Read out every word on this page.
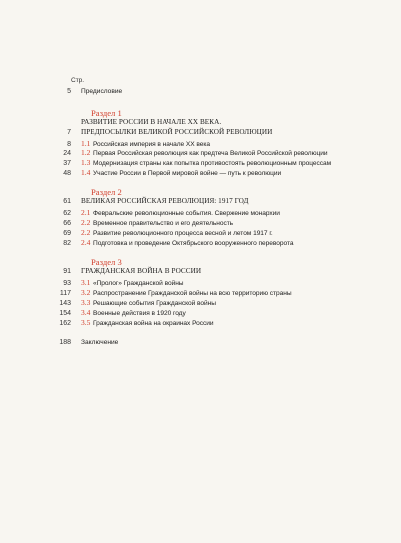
Стр.
5	Предисловие
Раздел 1
РАЗВИТИЕ РОССИИ В НАЧАЛЕ XX ВЕКА.
7	ПРЕДПОСЫЛКИ ВЕЛИКОЙ РОССИЙСКОЙ РЕВОЛЮЦИИ
8	1.1 Российская империя в начале XX века
24	1.2 Первая Российская революция как предтеча Великой Российской революции
37	1.3 Модернизация страны как попытка противостоять революционным процессам
48	1.4 Участие России в Первой мировой войне — путь к революции
Раздел 2
61	ВЕЛИКАЯ РОССИЙСКАЯ РЕВОЛЮЦИЯ: 1917 ГОД
62	2.1 Февральские революционные события. Свержение монархии
66	2.2 Временное правительство и его деятельность
69	2.2 Развитие революционного процесса весной и летом 1917 г.
82	2.4 Подготовка и проведение Октябрьского вооруженного переворота
Раздел 3
91	ГРАЖДАНСКАЯ ВОЙНА В РОССИИ
93	3.1 «Пролог» Гражданской войны
117	3.2 Распространение Гражданской войны на всю территорию страны
143	3.3 Решающие события Гражданской войны
154	3.4 Военные действия в 1920 году
162	3.5 Гражданская война на окраинах России
188	Заключение
